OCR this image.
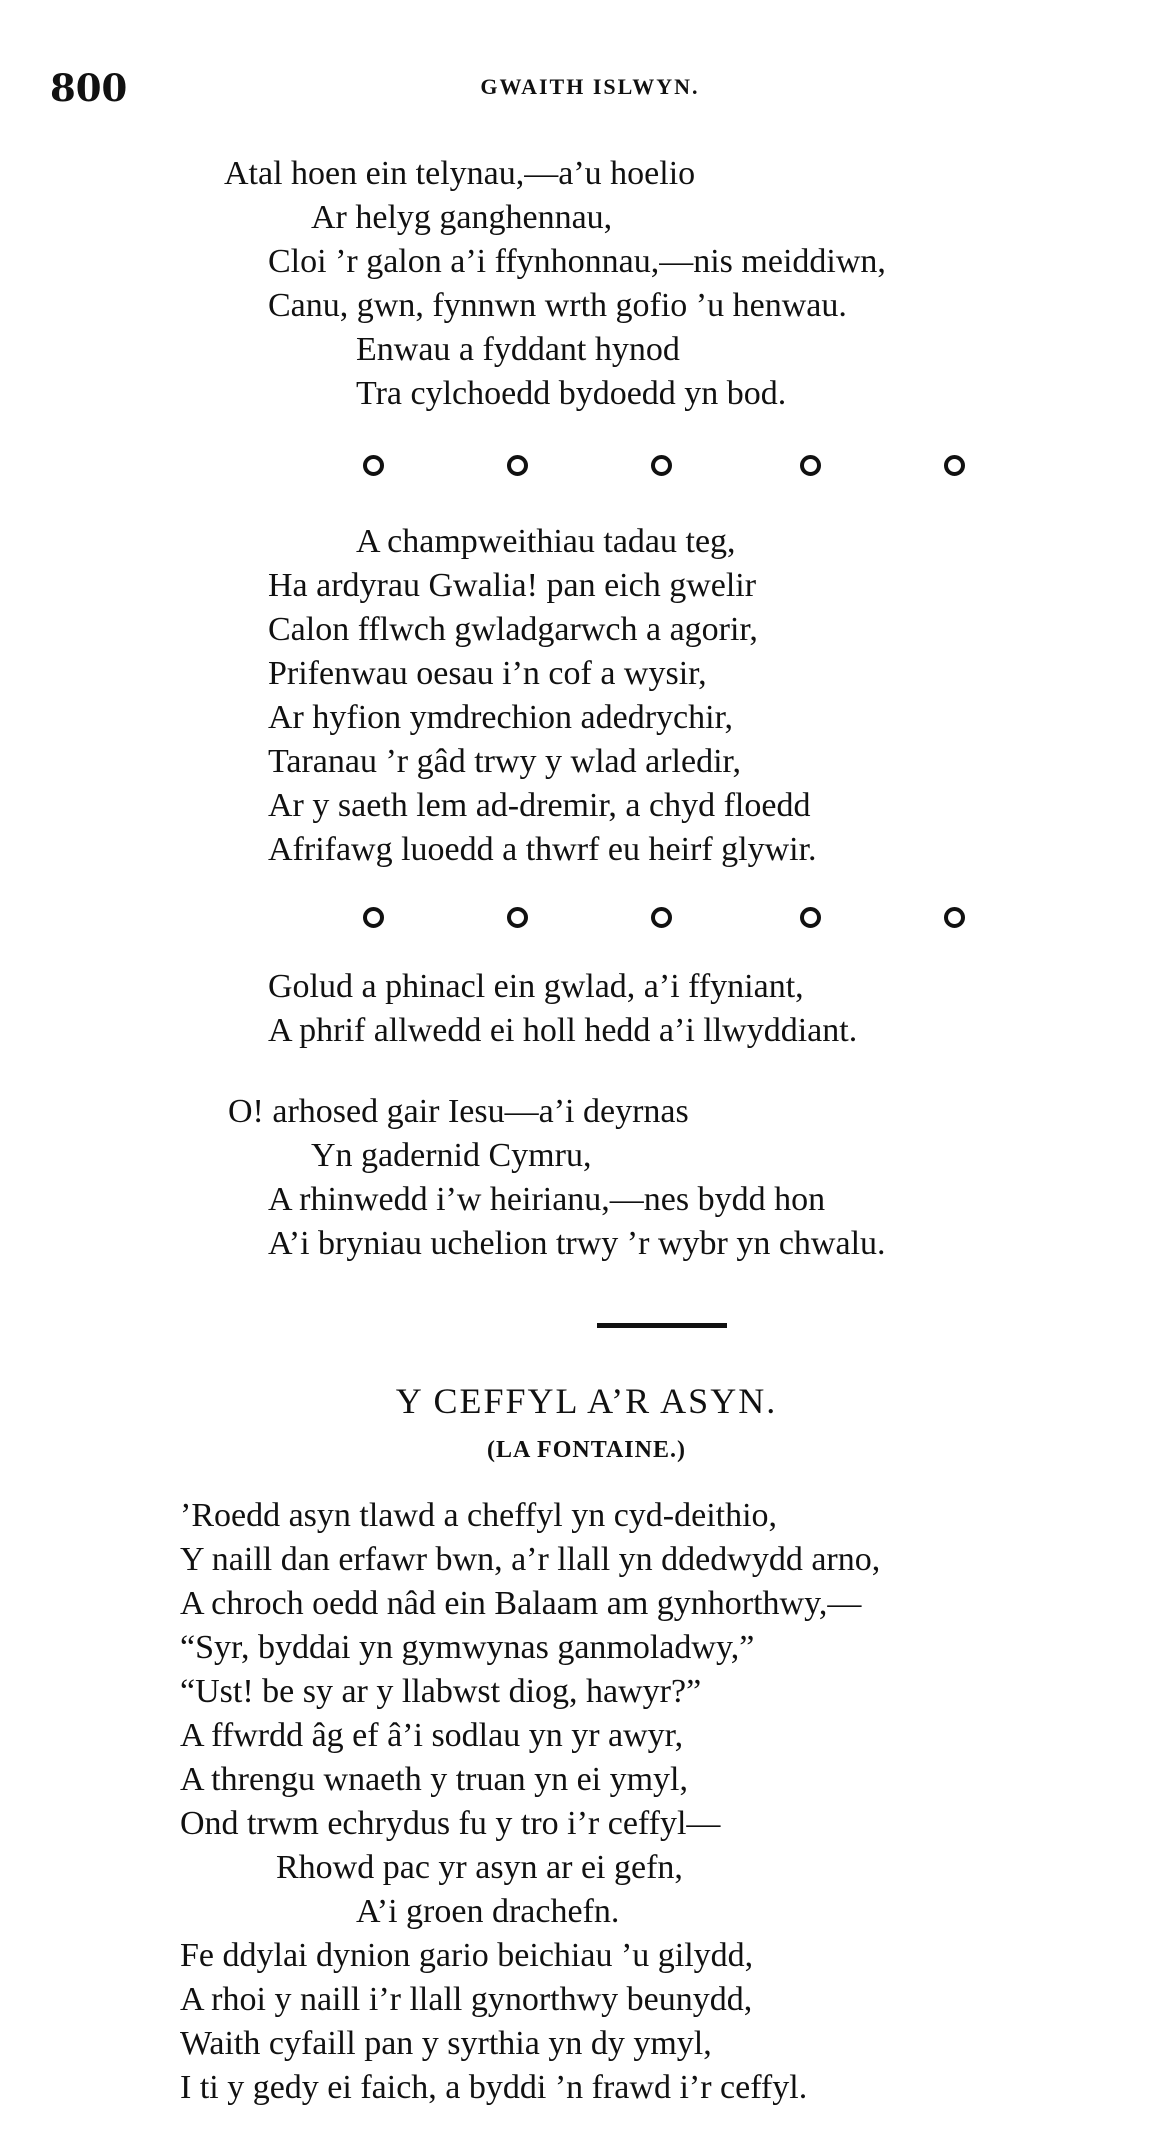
800	GWAITH ISLWYN.
Atal hoen ein telynau,—a’u hoelio
Ar helyg ganghennau,
Cloi ’r galon a’i ffynhonnau,—nis meiddiwn,
Canu, gwn, fynnwn wrth gofio ’u henwau.
Enwau a fyddant hynod
Tra cylchoedd bydoedd yn bod.
A champweithiau tadau teg,
Ha ardyrau Gwalia! pan eich gwelir
Calon fflwch gwladgarwch a agorir,
Prifenwau oesau i’n cof a wysir,
Ar hyfion ymdrechion adedrychir,
Taranau ’r gâd trwy y wlad arledir,
Ar y saeth lem ad-dremir, a chyd floedd
Afrifawg luoedd a thwrf eu heirf glywir.
Golud a phinacl ein gwlad, a’i ffyniant,
A phrif allwedd ei holl hedd a’i llwyddiant.
O! arhosed gair Iesu—a’i deyrnas
Yn gadernid Cymru,
A rhinwedd i’w heirianu,—nes bydd hon
A’i bryniau uchelion trwy ’r wybr yn chwalu.
Y CEFFYL A’R ASYN.
(LA FONTAINE.)
’Roedd asyn tlawd a cheffyl yn cyd-deithio,
Y naill dan erfawr bwn, a’r llall yn ddedwydd arno,
A chroch oedd nâd ein Balaam am gynhorthwy,—
“Syr, byddai yn gymwynas ganmoladwy,”
“Ust! be sy ar y llabwst diog, hawyr?”
A ffwrdd âg ef â’i sodlau yn yr awyr,
A threngu wnaeth y truan yn ei ymyl,
Ond trwm echrydus fu y tro i’r ceffyl—
Rhowd pac yr asyn ar ei gefn,
A’i groen drachefn.
Fe ddylai dynion gario beichiau ’u gilydd,
A rhoi y naill i’r llall gynorthwy beunydd,
Waith cyfaill pan y syrthia yn dy ymyl,
I ti y gedy ei faich, a byddi ’n frawd i’r ceffyl.
